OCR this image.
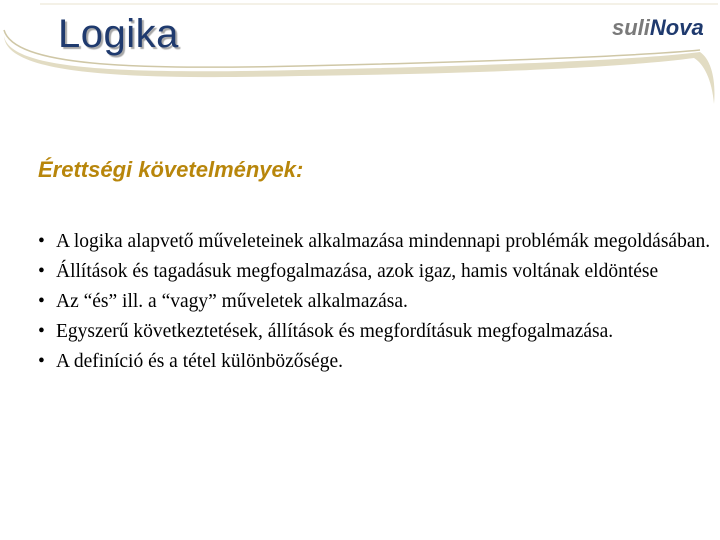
Logika	suliNova
Érettségi követelmények:
• A logika alapvető műveleteinek alkalmazása mindennapi problémák megoldásában.
• Állítások és tagadásuk megfogalmazása, azok igaz, hamis voltának eldöntése
• Az “és” ill. a “vagy” műveletek alkalmazása.
• Egyszerű következtetések, állítások és megfordításuk megfogalmazása.
• A definíció és a tétel különbözősége.
